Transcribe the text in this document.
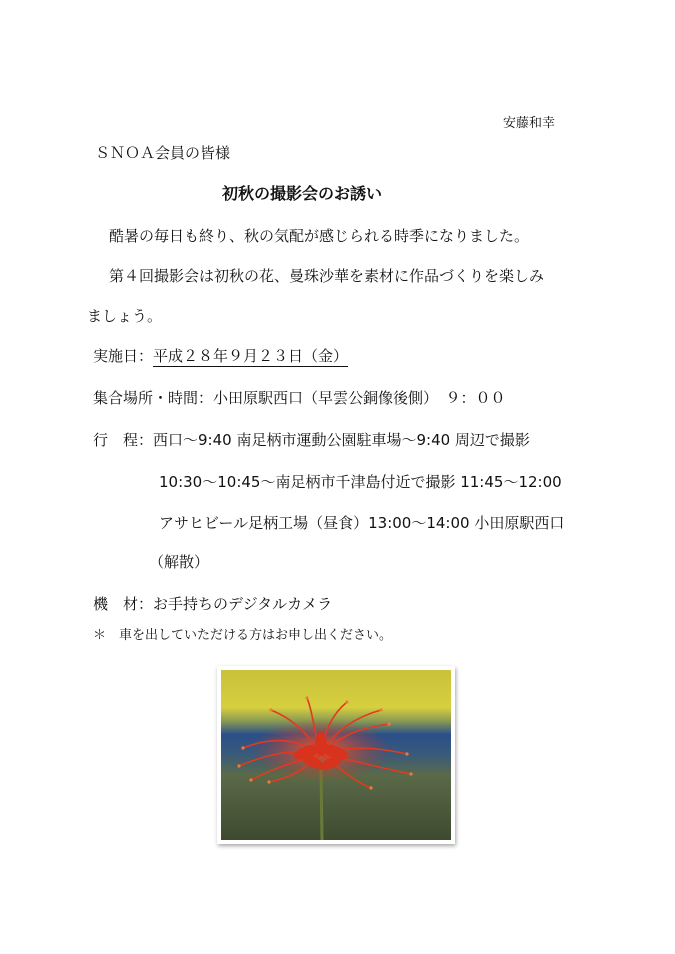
安藤和幸
ＳＮＯＡ会員の皆様
初秋の撮影会のお誘い
酷暑の毎日も終り、秋の気配が感じられる時季になりました。
第４回撮影会は初秋の花、曼珠沙華を素材に作品づくりを楽しみ
ましょう。
実施日：平成２８年９月２３日（金）
集合場所・時間：小田原駅西口（早雲公銅像後側）　９：００
行　程：西口～9:40 南足柄市運動公園駐車場～9:40 周辺で撮影
10:30～10:45～南足柄市千津島付近で撮影 11:45～12:00
アサヒビール足柄工場（昼食）13:00～14:00 小田原駅西口
（解散）
機　材：お手持ちのデジタルカメラ
＊　車を出していただける方はお申し出ください。
